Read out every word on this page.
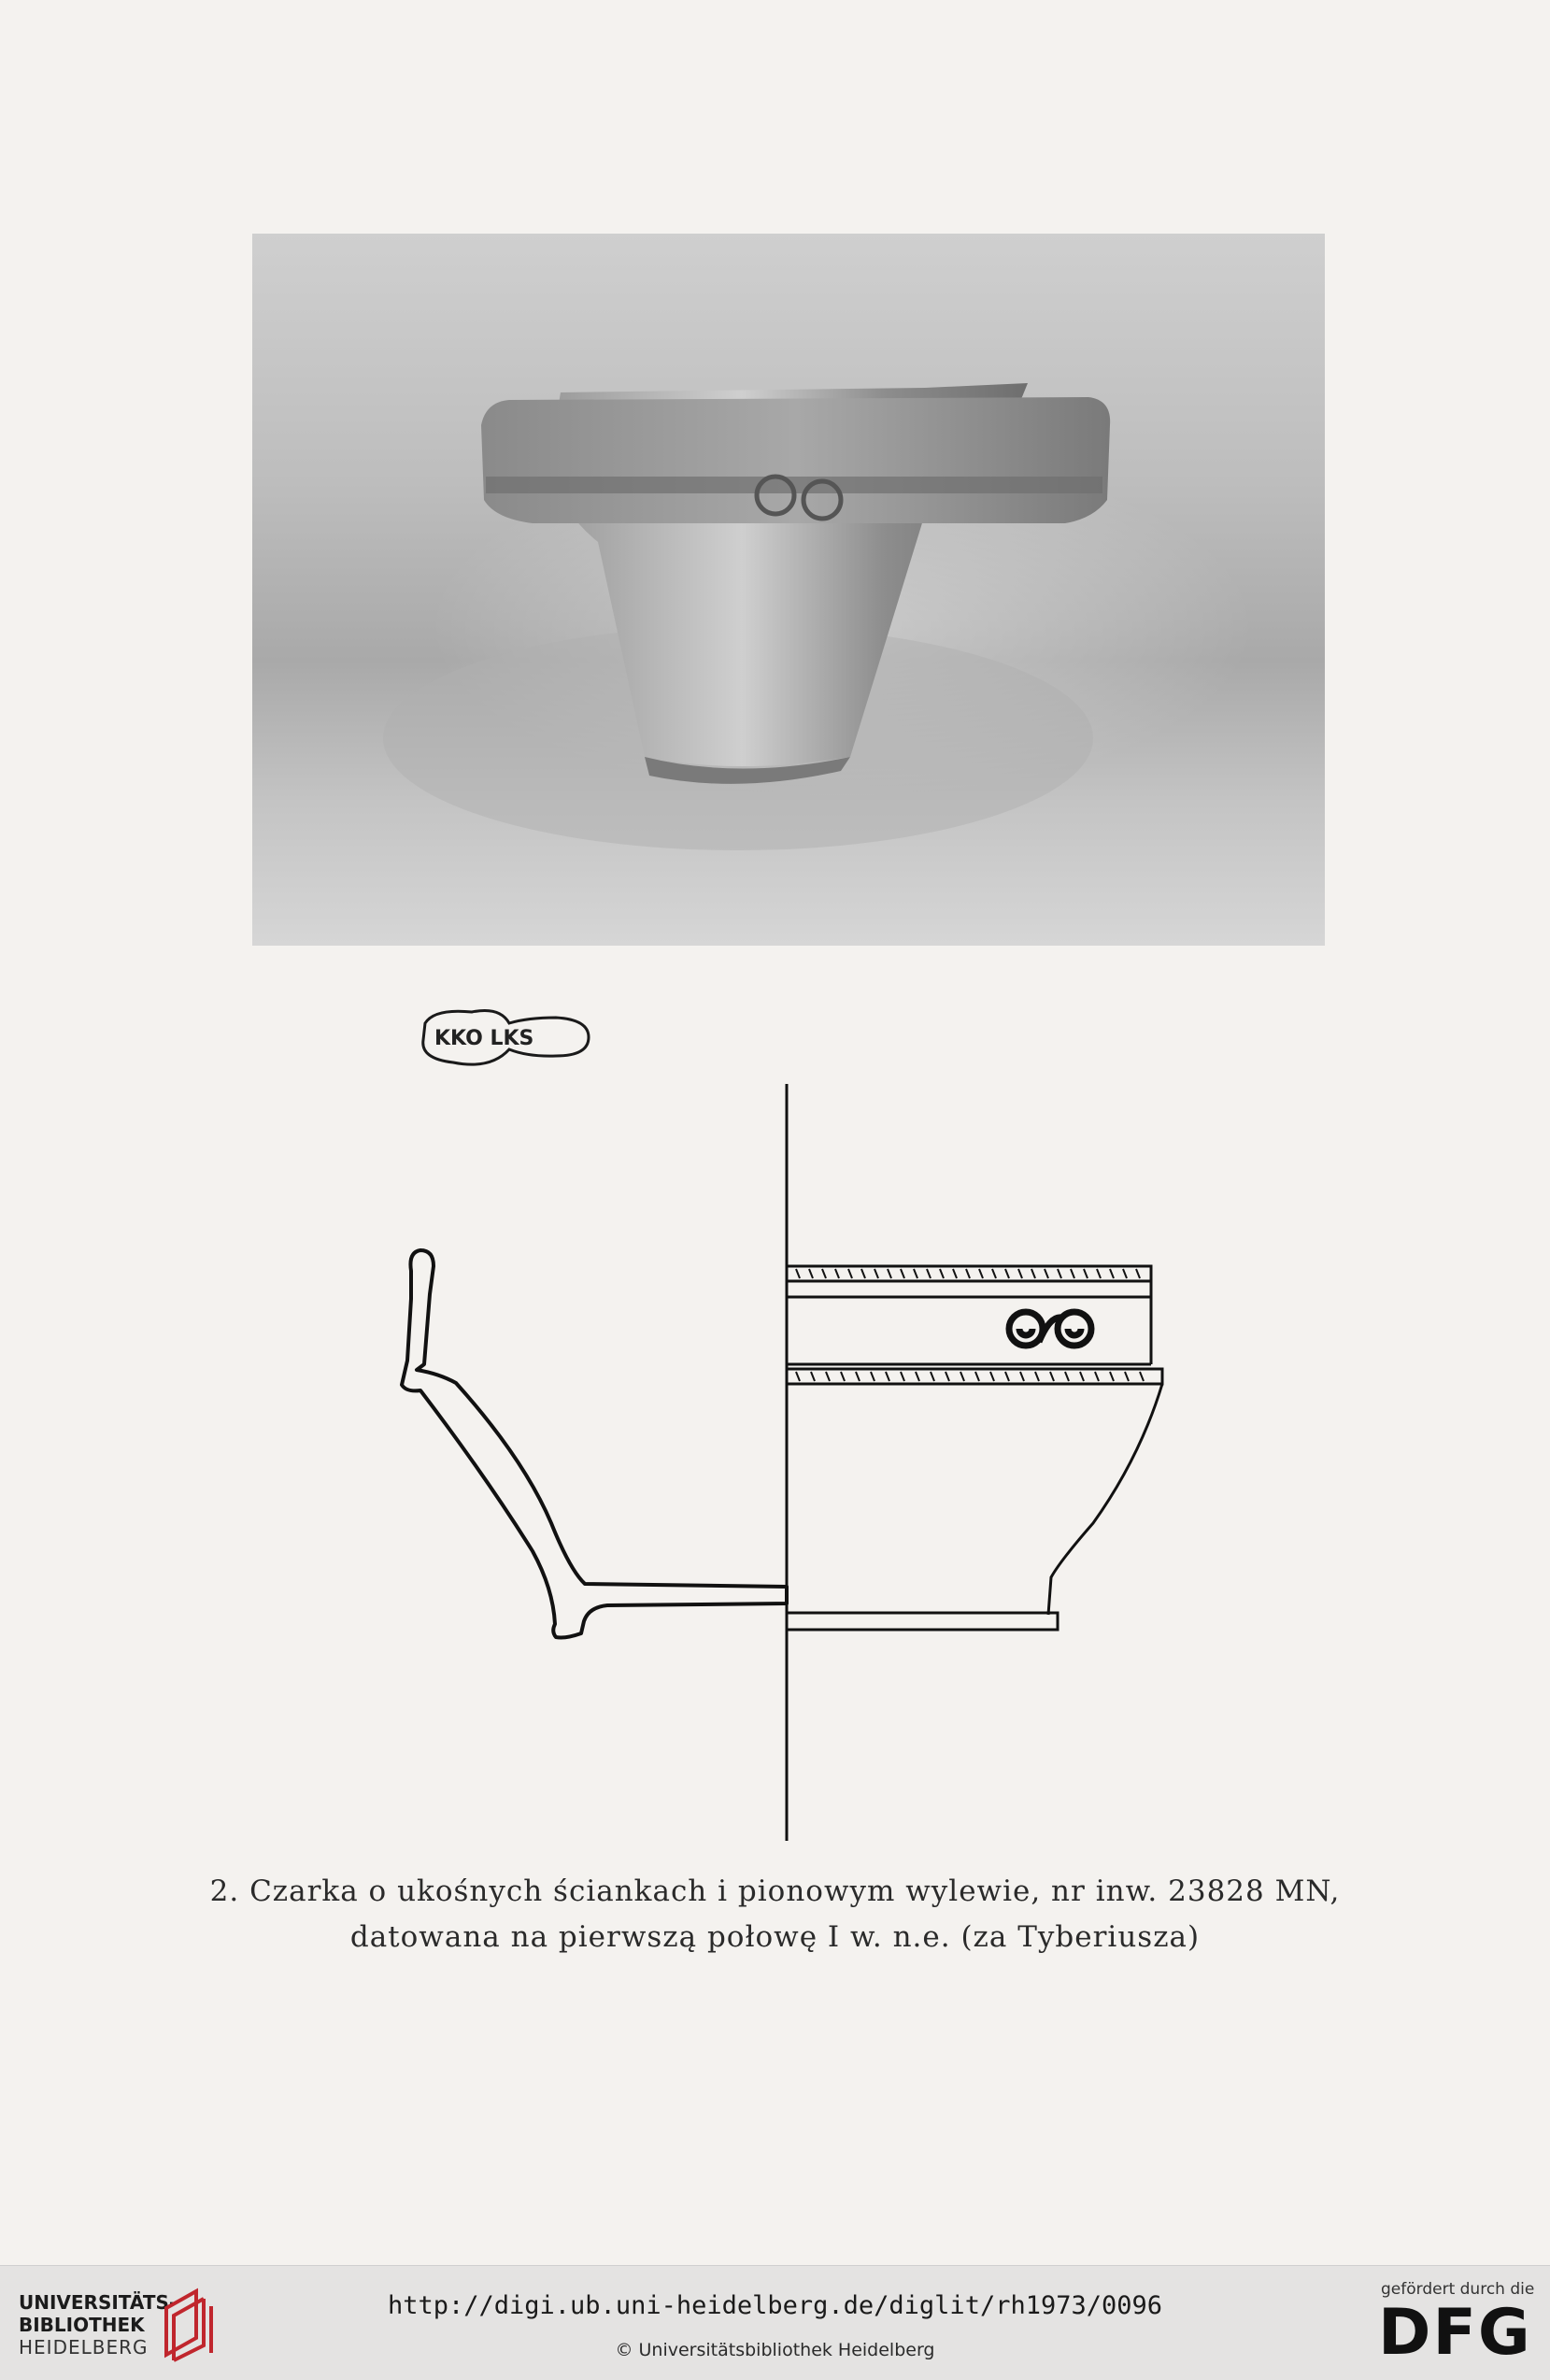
KKO LKS
2. Czarka o ukośnych ściankach i pionowym wylewie, nr inw. 23828 MN,
datowana na pierwszą połowę I w. n.e. (za Tyberiusza)
UNIVERSITÄTS-
BIBLIOTHEK
HEIDELBERG
http://digi.ub.uni-heidelberg.de/diglit/rh1973/0096
© Universitätsbibliothek Heidelberg
gefördert durch die
DFG
